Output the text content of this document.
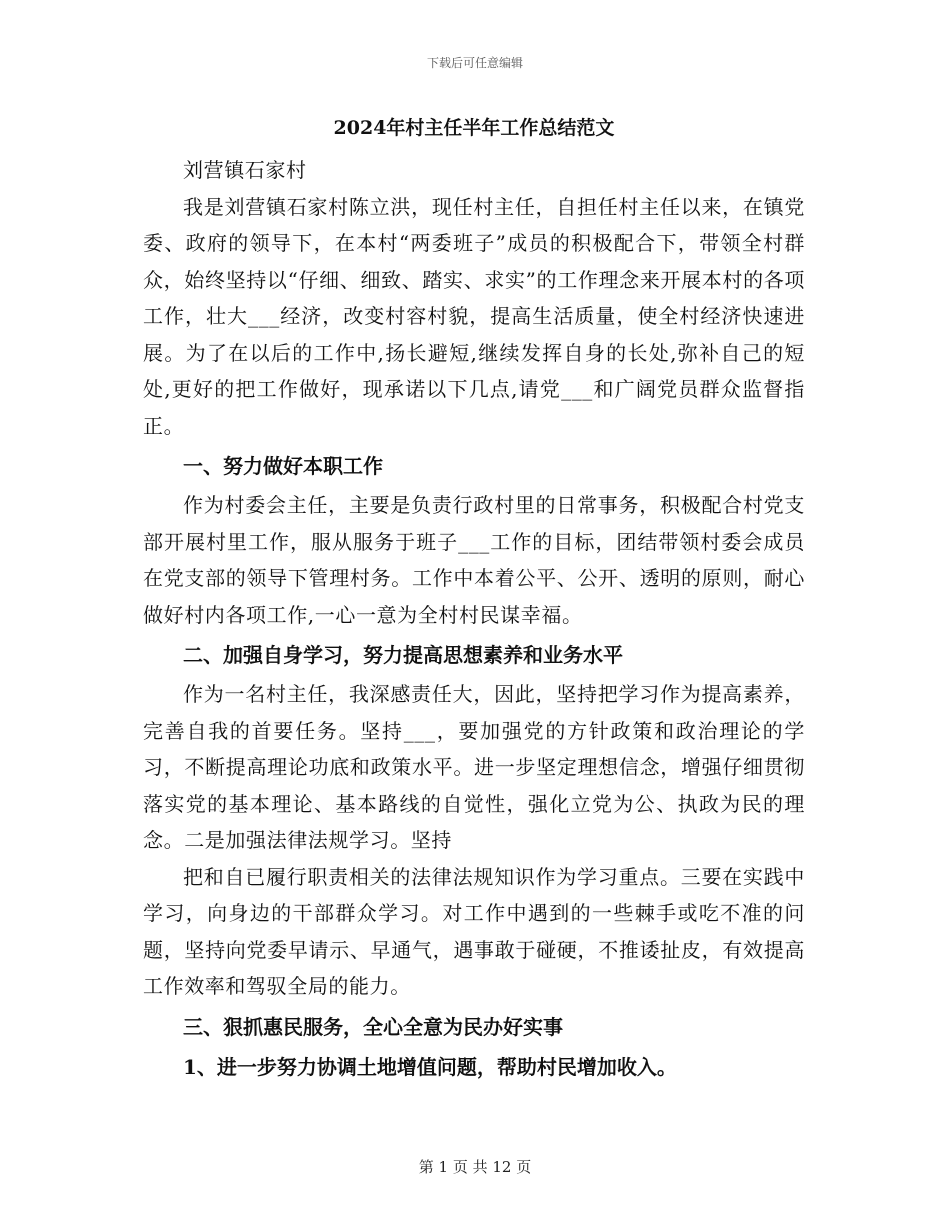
下载后可任意编辑
2024年村主任半年工作总结范文

刘营镇石家村

我是刘营镇石家村陈立洪，现任村主任，自担任村主任以来，在镇党委、政府的领导下，在本村“两委班子”成员的积极配合下，带领全村群众，始终坚持以“仔细、细致、踏实、求实”的工作理念来开展本村的各项工作，壮大___经济，改变村容村貌，提高生活质量，使全村经济快速进展。为了在以后的工作中,扬长避短,继续发挥自身的长处,弥补自己的短处,更好的把工作做好，现承诺以下几点,请党___和广阔党员群众监督指正。

一、努力做好本职工作

作为村委会主任，主要是负责行政村里的日常事务，积极配合村党支部开展村里工作，服从服务于班子___工作的目标，团结带领村委会成员在党支部的领导下管理村务。工作中本着公平、公开、透明的原则，耐心做好村内各项工作,一心一意为全村村民谋幸福。

二、加强自身学习，努力提高思想素养和业务水平

作为一名村主任，我深感责任大，因此，坚持把学习作为提高素养，完善自我的首要任务。坚持___，要加强党的方针政策和政治理论的学习，不断提高理论功底和政策水平。进一步坚定理想信念，增强仔细贯彻落实党的基本理论、基本路线的自觉性，强化立党为公、执政为民的理念。二是加强法律法规学习。坚持

把和自已履行职责相关的法律法规知识作为学习重点。三要在实践中学习，向身边的干部群众学习。对工作中遇到的一些棘手或吃不准的问题，坚持向党委早请示、早通气，遇事敢于碰硬，不推诿扯皮，有效提高工作效率和驾驭全局的能力。

三、狠抓惠民服务，全心全意为民办好实事
1、进一步努力协调土地增值问题，帮助村民增加收入。
第 1 页 共 12 页
